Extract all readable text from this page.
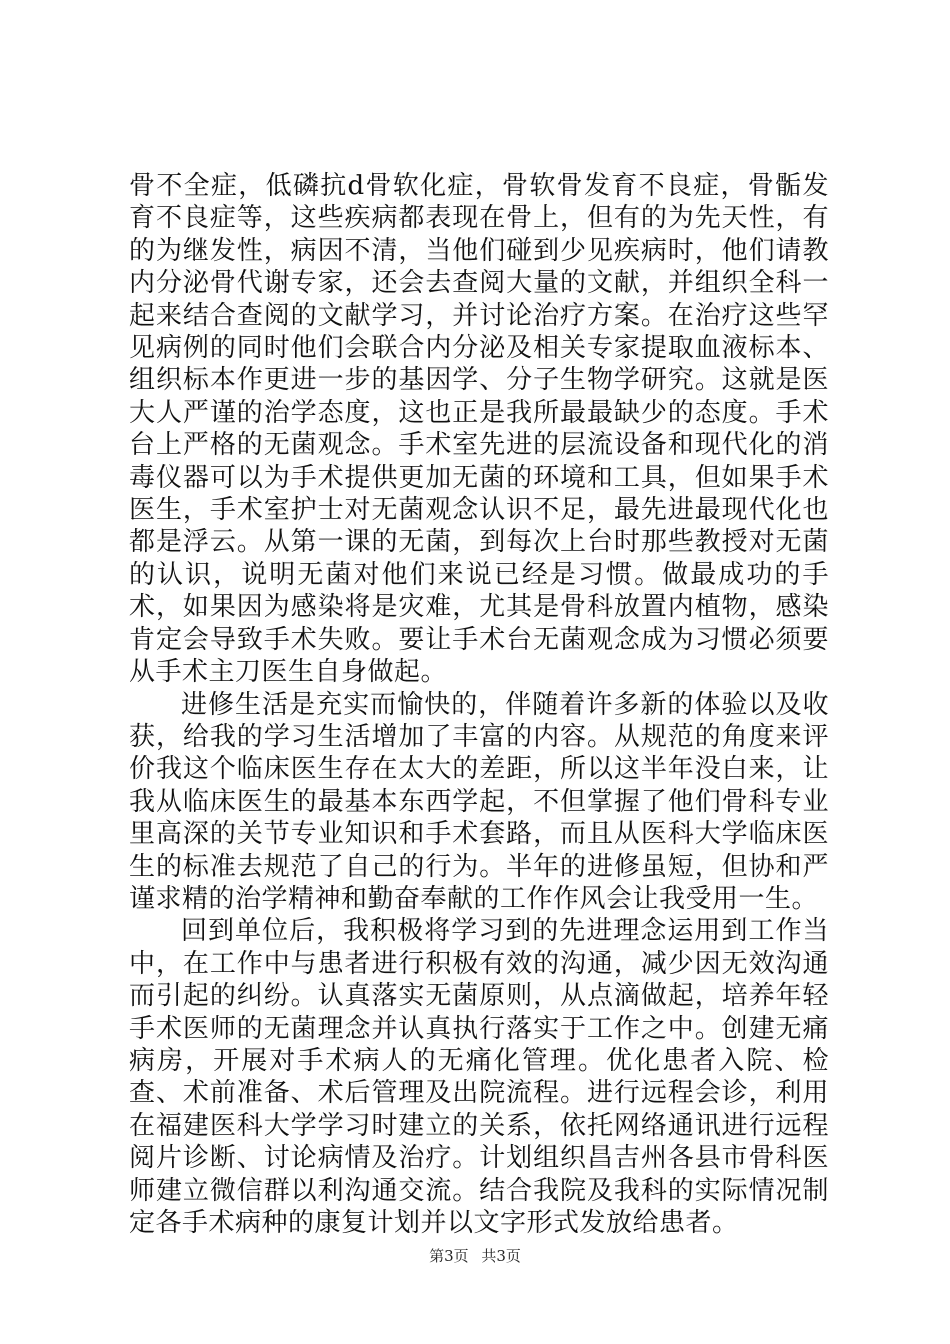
骨不全症，低磷抗d骨软化症，骨软骨发育不良症，骨骺发育不良症等，这些疾病都表现在骨上，但有的为先天性，有的为继发性，病因不清，当他们碰到少见疾病时，他们请教内分泌骨代谢专家，还会去查阅大量的文献，并组织全科一起来结合查阅的文献学习，并讨论治疗方案。在治疗这些罕见病例的同时他们会联合内分泌及相关专家提取血液标本、组织标本作更进一步的基因学、分子生物学研究。这就是医大人严谨的治学态度，这也正是我所最最缺少的态度。手术台上严格的无菌观念。手术室先进的层流设备和现代化的消毒仪器可以为手术提供更加无菌的环境和工具，但如果手术医生，手术室护士对无菌观念认识不足，最先进最现代化也都是浮云。从第一课的无菌，到每次上台时那些教授对无菌的认识，说明无菌对他们来说已经是习惯。做最成功的手术，如果因为感染将是灾难，尤其是骨科放置内植物，感染肯定会导致手术失败。要让手术台无菌观念成为习惯必须要从手术主刀医生自身做起。

进修生活是充实而愉快的，伴随着许多新的体验以及收获，给我的学习生活增加了丰富的内容。从规范的角度来评价我这个临床医生存在太大的差距，所以这半年没白来，让我从临床医生的最基本东西学起，不但掌握了他们骨科专业里高深的关节专业知识和手术套路，而且从医科大学临床医生的标准去规范了自己的行为。半年的进修虽短，但协和严谨求精的治学精神和勤奋奉献的工作作风会让我受用一生。

回到单位后，我积极将学习到的先进理念运用到工作当中，在工作中与患者进行积极有效的沟通，减少因无效沟通而引起的纠纷。认真落实无菌原则，从点滴做起，培养年轻手术医师的无菌理念并认真执行落实于工作之中。创建无痛病房，开展对手术病人的无痛化管理。优化患者入院、检查、术前准备、术后管理及出院流程。进行远程会诊，利用在福建医科大学学习时建立的关系，依托网络通讯进行远程阅片诊断、讨论病情及治疗。计划组织昌吉州各县市骨科医师建立微信群以利沟通交流。结合我院及我科的实际情况制定各手术病种的康复计划并以文字形式发放给患者。

第3页 共3页
